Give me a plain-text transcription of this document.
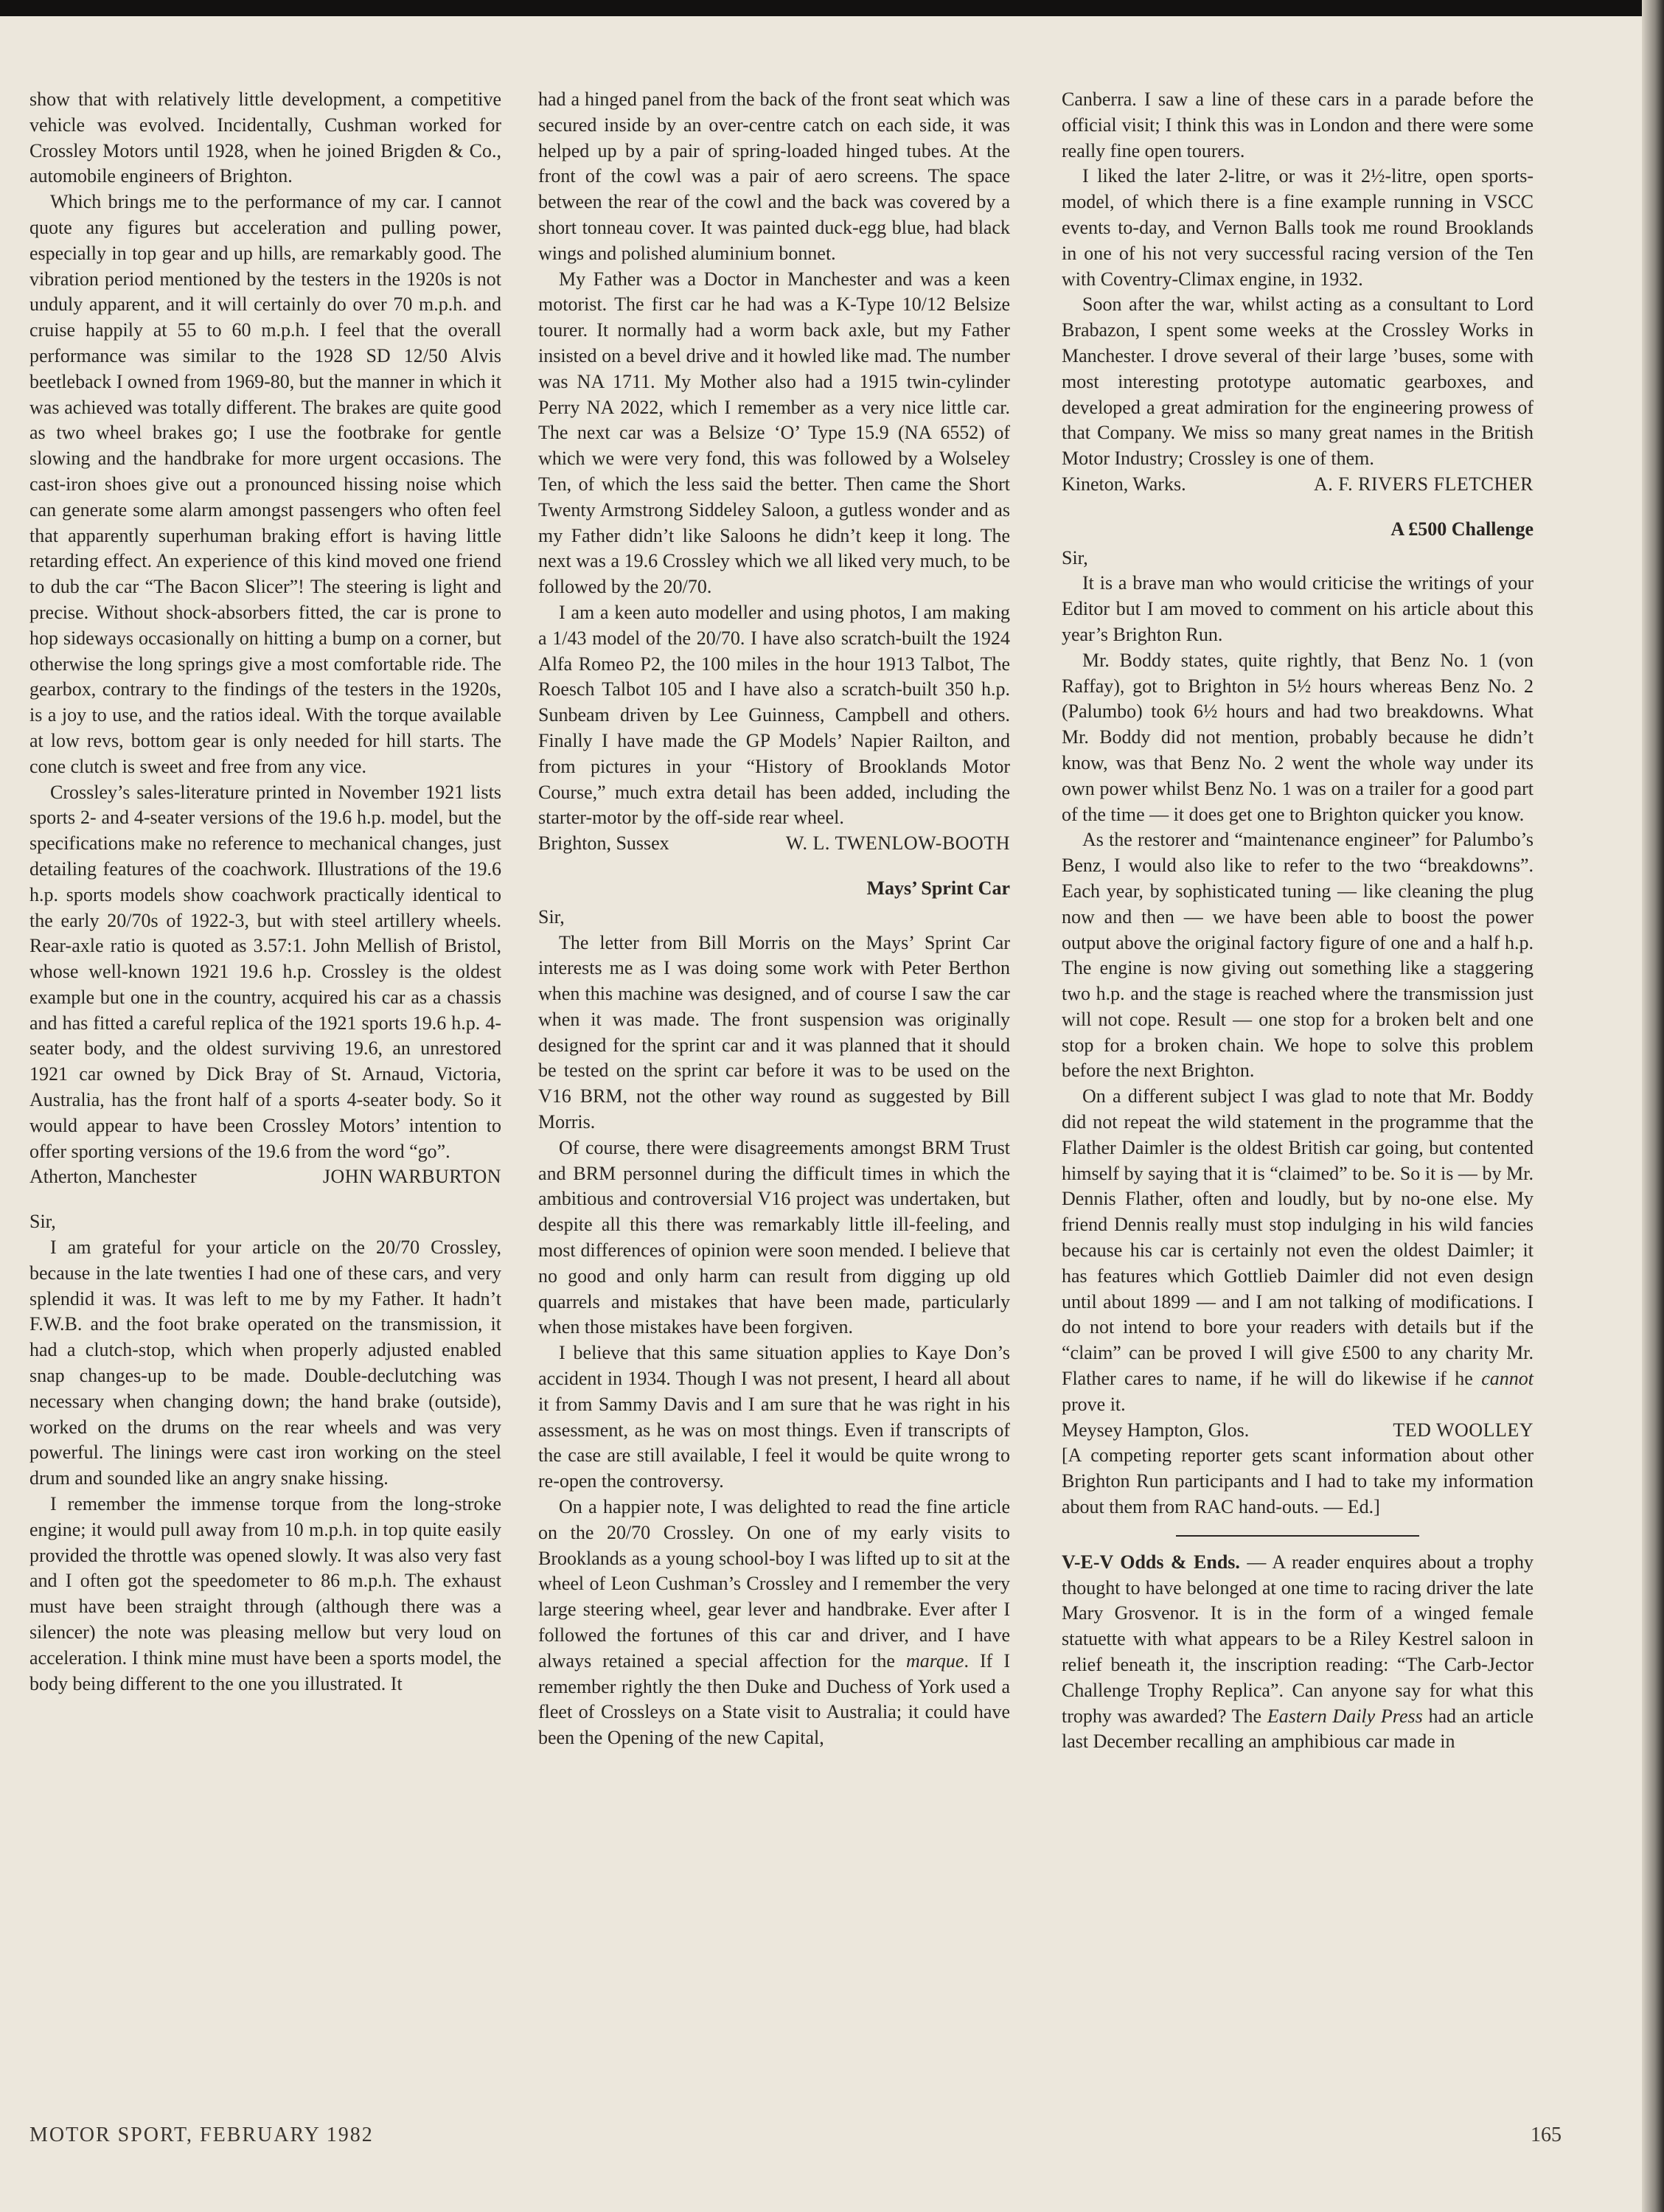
show that with relatively little development, a competitive vehicle was evolved. Incidentally, Cushman worked for Crossley Motors until 1928, when he joined Brigden & Co., automobile engineers of Brighton.

Which brings me to the performance of my car. I cannot quote any figures but acceleration and pulling power, especially in top gear and up hills, are remarkably good. The vibration period mentioned by the testers in the 1920s is not unduly apparent, and it will certainly do over 70 m.p.h. and cruise happily at 55 to 60 m.p.h. I feel that the overall performance was similar to the 1928 SD 12/50 Alvis beetleback I owned from 1969-80, but the manner in which it was achieved was totally different. The brakes are quite good as two wheel brakes go; I use the footbrake for gentle slowing and the handbrake for more urgent occasions. The cast-iron shoes give out a pronounced hissing noise which can generate some alarm amongst passengers who often feel that apparently superhuman braking effort is having little retarding effect. An experience of this kind moved one friend to dub the car “The Bacon Slicer”! The steering is light and precise. Without shock-absorbers fitted, the car is prone to hop sideways occasionally on hitting a bump on a corner, but otherwise the long springs give a most comfortable ride. The gearbox, contrary to the findings of the testers in the 1920s, is a joy to use, and the ratios ideal. With the torque available at low revs, bottom gear is only needed for hill starts. The cone clutch is sweet and free from any vice.

Crossley’s sales-literature printed in November 1921 lists sports 2- and 4-seater versions of the 19.6 h.p. model, but the specifications make no reference to mechanical changes, just detailing features of the coachwork. Illustrations of the 19.6 h.p. sports models show coachwork practically identical to the early 20/70s of 1922-3, but with steel artillery wheels. Rear-axle ratio is quoted as 3.57:1. John Mellish of Bristol, whose well-known 1921 19.6 h.p. Crossley is the oldest example but one in the country, acquired his car as a chassis and has fitted a careful replica of the 1921 sports 19.6 h.p. 4-seater body, and the oldest surviving 19.6, an unrestored 1921 car owned by Dick Bray of St. Arnaud, Victoria, Australia, has the front half of a sports 4-seater body. So it would appear to have been Crossley Motors’ intention to offer sporting versions of the 19.6 from the word “go”.

Atherton, Manchester	JOHN WARBURTON

Sir,

I am grateful for your article on the 20/70 Crossley, because in the late twenties I had one of these cars, and very splendid it was. It was left to me by my Father. It hadn’t F.W.B. and the foot brake operated on the transmission, it had a clutch-stop, which when properly adjusted enabled snap changes-up to be made. Double-declutching was necessary when changing down; the hand brake (outside), worked on the drums on the rear wheels and was very powerful. The linings were cast iron working on the steel drum and sounded like an angry snake hissing.

I remember the immense torque from the long-stroke engine; it would pull away from 10 m.p.h. in top quite easily provided the throttle was opened slowly. It was also very fast and I often got the speedometer to 86 m.p.h. The exhaust must have been straight through (although there was a silencer) the note was pleasing mellow but very loud on acceleration. I think mine must have been a sports model, the body being different to the one you illustrated. It

had a hinged panel from the back of the front seat which was secured inside by an over-centre catch on each side, it was helped up by a pair of spring-loaded hinged tubes. At the front of the cowl was a pair of aero screens. The space between the rear of the cowl and the back was covered by a short tonneau cover. It was painted duck-egg blue, had black wings and polished aluminium bonnet.

My Father was a Doctor in Manchester and was a keen motorist. The first car he had was a K-Type 10/12 Belsize tourer. It normally had a worm back axle, but my Father insisted on a bevel drive and it howled like mad. The number was NA 1711. My Mother also had a 1915 twin-cylinder Perry NA 2022, which I remember as a very nice little car. The next car was a Belsize ‘O’ Type 15.9 (NA 6552) of which we were very fond, this was followed by a Wolseley Ten, of which the less said the better. Then came the Short Twenty Armstrong Siddeley Saloon, a gutless wonder and as my Father didn’t like Saloons he didn’t keep it long. The next was a 19.6 Crossley which we all liked very much, to be followed by the 20/70.

I am a keen auto modeller and using photos, I am making a 1/43 model of the 20/70. I have also scratch-built the 1924 Alfa Romeo P2, the 100 miles in the hour 1913 Talbot, The Roesch Talbot 105 and I have also a scratch-built 350 h.p. Sunbeam driven by Lee Guinness, Campbell and others. Finally I have made the GP Models’ Napier Railton, and from pictures in your “History of Brooklands Motor Course,” much extra detail has been added, including the starter-motor by the off-side rear wheel.

Brighton, Sussex	W. L. TWENLOW-BOOTH
Mays’ Sprint Car

Sir,

The letter from Bill Morris on the Mays’ Sprint Car interests me as I was doing some work with Peter Berthon when this machine was designed, and of course I saw the car when it was made. The front suspension was originally designed for the sprint car and it was planned that it should be tested on the sprint car before it was to be used on the V16 BRM, not the other way round as suggested by Bill Morris.

Of course, there were disagreements amongst BRM Trust and BRM personnel during the difficult times in which the ambitious and controversial V16 project was undertaken, but despite all this there was remarkably little ill-feeling, and most differences of opinion were soon mended. I believe that no good and only harm can result from digging up old quarrels and mistakes that have been made, particularly when those mistakes have been forgiven.

I believe that this same situation applies to Kaye Don’s accident in 1934. Though I was not present, I heard all about it from Sammy Davis and I am sure that he was right in his assessment, as he was on most things. Even if transcripts of the case are still available, I feel it would be quite wrong to re-open the controversy.

On a happier note, I was delighted to read the fine article on the 20/70 Crossley. On one of my early visits to Brooklands as a young school-boy I was lifted up to sit at the wheel of Leon Cushman’s Crossley and I remember the very large steering wheel, gear lever and handbrake. Ever after I followed the fortunes of this car and driver, and I have always retained a special affection for the marque. If I remember rightly the then Duke and Duchess of York used a fleet of Crossleys on a State visit to Australia; it could have been the Opening of the new Capital,

Canberra. I saw a line of these cars in a parade before the official visit; I think this was in London and there were some really fine open tourers.

I liked the later 2-litre, or was it 2½-litre, open sports-model, of which there is a fine example running in VSCC events to-day, and Vernon Balls took me round Brooklands in one of his not very successful racing version of the Ten with Coventry-Climax engine, in 1932.

Soon after the war, whilst acting as a consultant to Lord Brabazon, I spent some weeks at the Crossley Works in Manchester. I drove several of their large ’buses, some with most interesting prototype automatic gearboxes, and developed a great admiration for the engineering prowess of that Company. We miss so many great names in the British Motor Industry; Crossley is one of them.

Kineton, Warks.	A. F. RIVERS FLETCHER
A £500 Challenge

Sir,

It is a brave man who would criticise the writings of your Editor but I am moved to comment on his article about this year’s Brighton Run.

Mr. Boddy states, quite rightly, that Benz No. 1 (von Raffay), got to Brighton in 5½ hours whereas Benz No. 2 (Palumbo) took 6½ hours and had two breakdowns. What Mr. Boddy did not mention, probably because he didn’t know, was that Benz No. 2 went the whole way under its own power whilst Benz No. 1 was on a trailer for a good part of the time — it does get one to Brighton quicker you know.

As the restorer and “maintenance engineer” for Palumbo’s Benz, I would also like to refer to the two “breakdowns”. Each year, by sophisticated tuning — like cleaning the plug now and then — we have been able to boost the power output above the original factory figure of one and a half h.p. The engine is now giving out something like a staggering two h.p. and the stage is reached where the transmission just will not cope. Result — one stop for a broken belt and one stop for a broken chain. We hope to solve this problem before the next Brighton.

On a different subject I was glad to note that Mr. Boddy did not repeat the wild statement in the programme that the Flather Daimler is the oldest British car going, but contented himself by saying that it is “claimed” to be. So it is — by Mr. Dennis Flather, often and loudly, but by no-one else. My friend Dennis really must stop indulging in his wild fancies because his car is certainly not even the oldest Daimler; it has features which Gottlieb Daimler did not even design until about 1899 — and I am not talking of modifications. I do not intend to bore your readers with details but if the “claim” can be proved I will give £500 to any charity Mr. Flather cares to name, if he will do likewise if he cannot prove it.

Meysey Hampton, Glos.	TED WOOLLEY

[A competing reporter gets scant information about other Brighton Run participants and I had to take my information about them from RAC hand-outs. — Ed.]

V-E-V Odds & Ends. — A reader enquires about a trophy thought to have belonged at one time to racing driver the late Mary Grosvenor. It is in the form of a winged female statuette with what appears to be a Riley Kestrel saloon in relief beneath it, the inscription reading: “The Carb-Jector Challenge Trophy Replica”. Can anyone say for what this trophy was awarded? The Eastern Daily Press had an article last December recalling an amphibious car made in

MOTOR SPORT, FEBRUARY 1982	165
